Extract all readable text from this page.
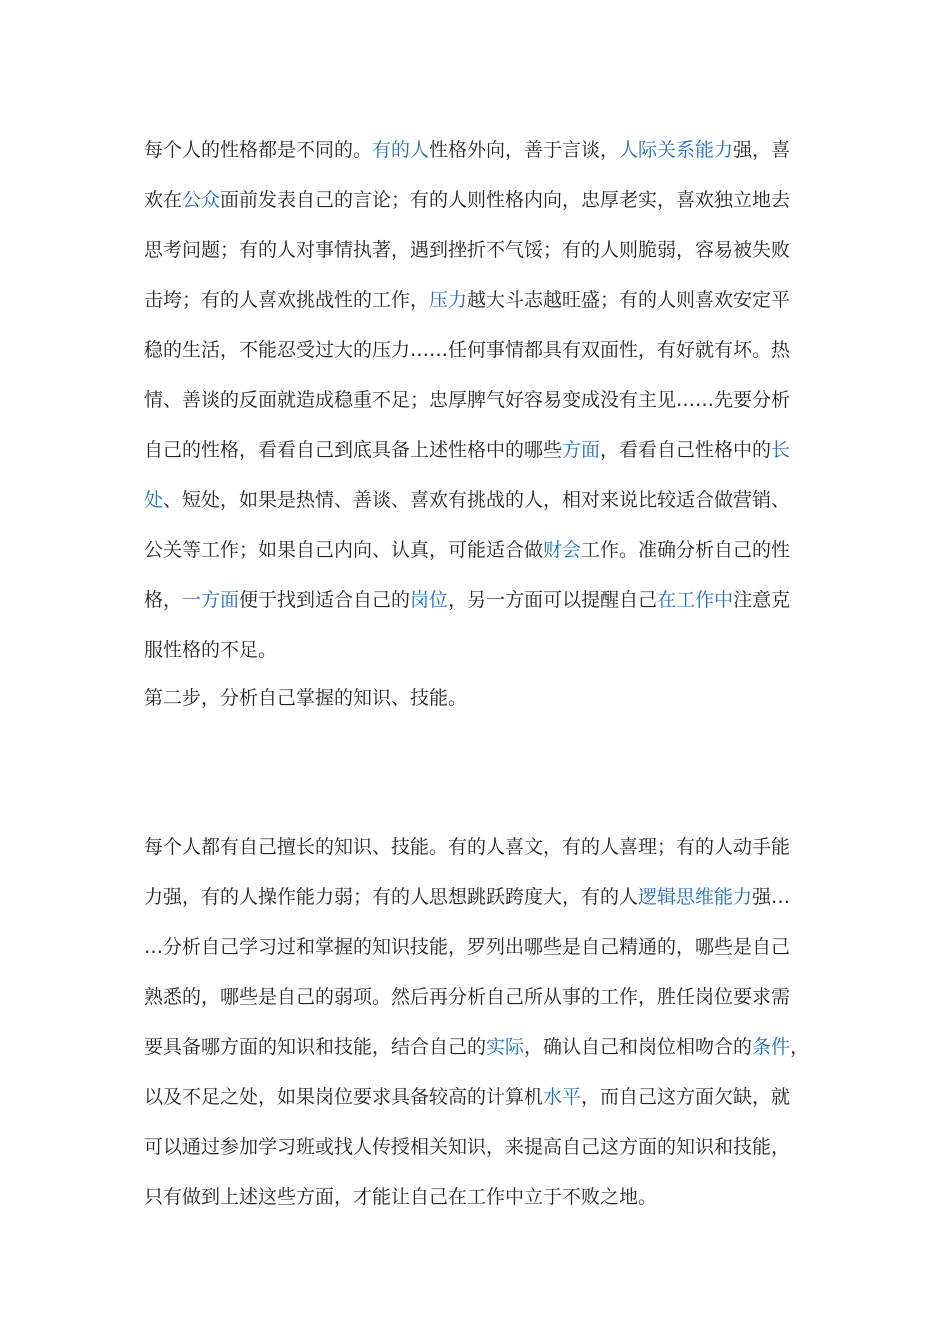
每个人的性格都是不同的。有的人性格外向，善于言谈，人际关系能力强，喜
欢在公众面前发表自己的言论；有的人则性格内向，忠厚老实，喜欢独立地去
思考问题；有的人对事情执著，遇到挫折不气馁；有的人则脆弱，容易被失败
击垮；有的人喜欢挑战性的工作，压力越大斗志越旺盛；有的人则喜欢安定平
稳的生活，不能忍受过大的压力……任何事情都具有双面性，有好就有坏。热
情、善谈的反面就造成稳重不足；忠厚脾气好容易变成没有主见……先要分析
自己的性格，看看自己到底具备上述性格中的哪些方面，看看自己性格中的长
处、短处，如果是热情、善谈、喜欢有挑战的人，相对来说比较适合做营销、
公关等工作；如果自己内向、认真，可能适合做财会工作。准确分析自己的性
格，一方面便于找到适合自己的岗位，另一方面可以提醒自己在工作中注意克
服性格的不足。

第二步，分析自己掌握的知识、技能。

每个人都有自己擅长的知识、技能。有的人喜文，有的人喜理；有的人动手能
力强，有的人操作能力弱；有的人思想跳跃跨度大，有的人逻辑思维能力强…
…分析自己学习过和掌握的知识技能，罗列出哪些是自己精通的，哪些是自己
熟悉的，哪些是自己的弱项。然后再分析自己所从事的工作，胜任岗位要求需
要具备哪方面的知识和技能，结合自己的实际，确认自己和岗位相吻合的条件，
以及不足之处，如果岗位要求具备较高的计算机水平，而自己这方面欠缺，就
可以通过参加学习班或找人传授相关知识，来提高自己这方面的知识和技能，
只有做到上述这些方面，才能让自己在工作中立于不败之地。
